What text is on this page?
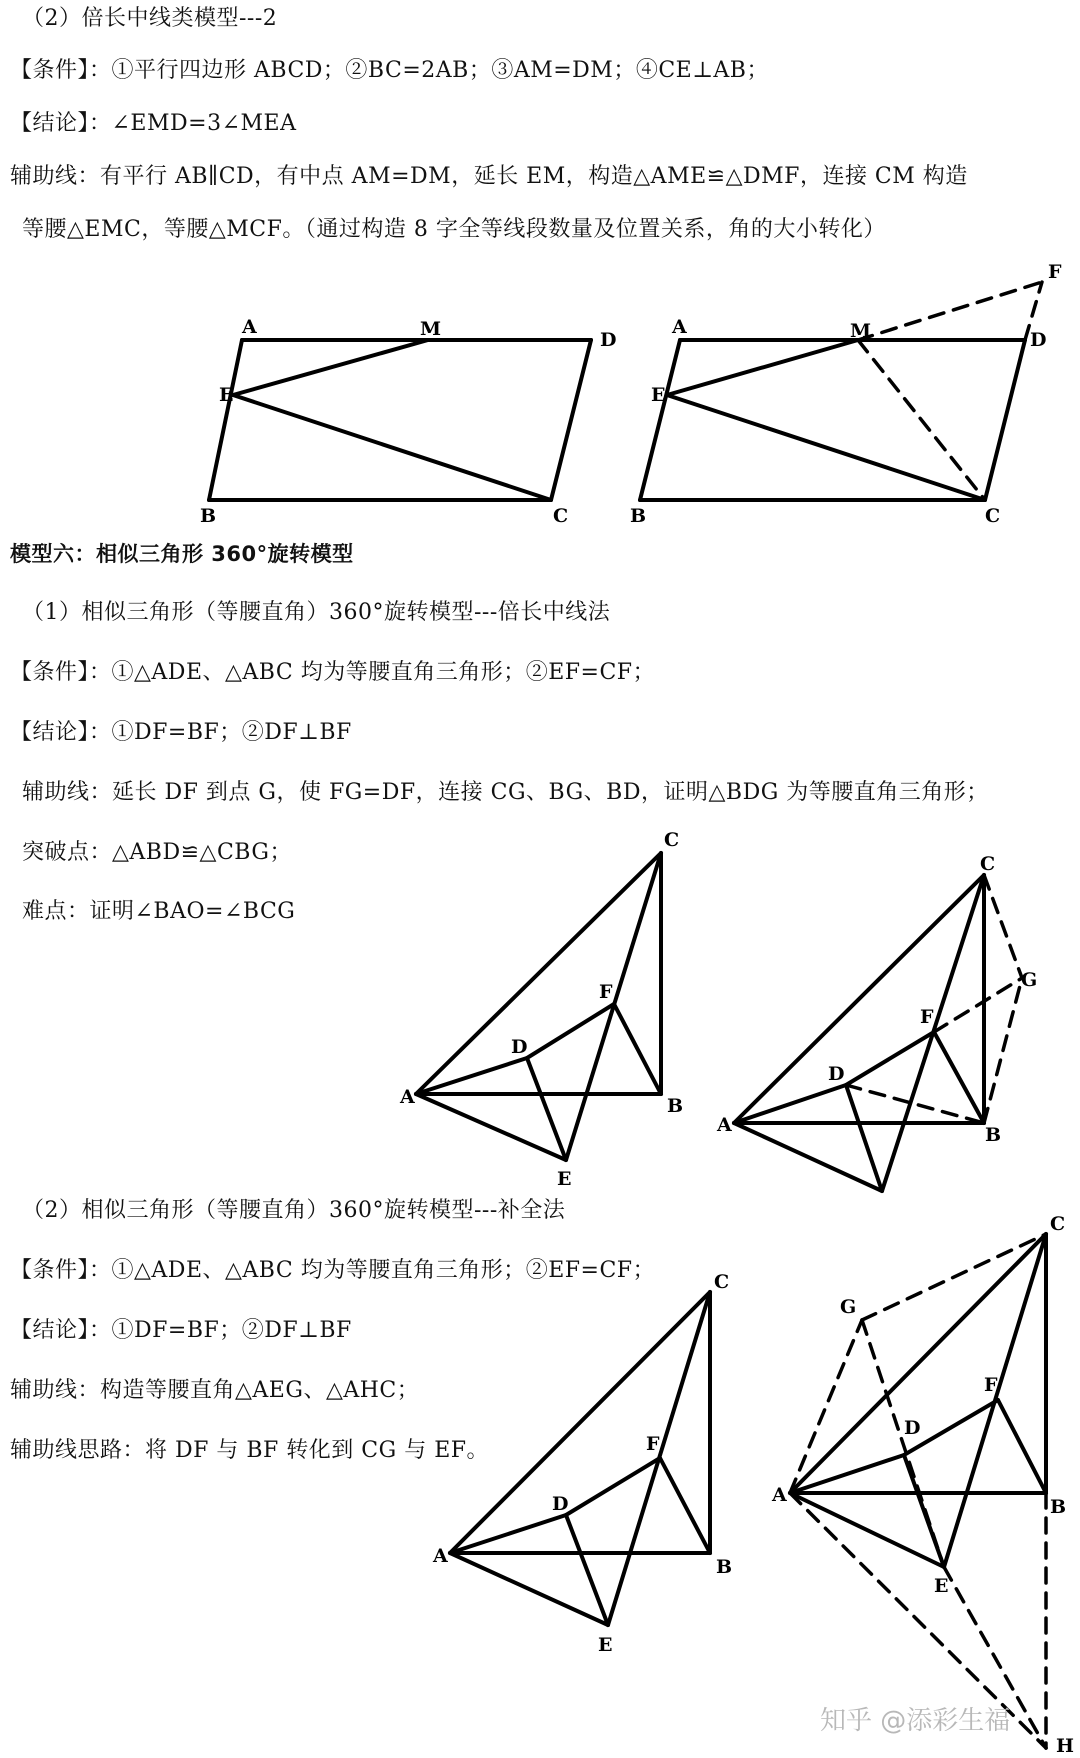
（2）倍长中线类模型---2
【条件】：①平行四边形 ABCD；②BC=2AB；③AM=DM；④CE⊥AB；
【结论】：∠EMD=3∠MEA
辅助线：有平行 AB∥CD，有中点 AM=DM，延长 EM，构造△AME≌△DMF，连接 CM 构造
等腰△EMC，等腰△MCF。（通过构造 8 字全等线段数量及位置关系，角的大小转化）
A	M	D
E
B	C
A	M	D
E
B	C
F
模型六：相似三角形 360°旋转模型
（1）相似三角形（等腰直角）360°旋转模型---倍长中线法
【条件】：①△ADE、△ABC 均为等腰直角三角形；②EF=CF；
【结论】：①DF=BF；②DF⊥BF
辅助线：延长 DF 到点 G，使 FG=DF，连接 CG、BG、BD，证明△BDG 为等腰直角三角形；
突破点：△ABD≌△CBG；
难点：证明∠BAO=∠BCG
C
F
D
A	B
E
C
G
F
D
A	B
（2）相似三角形（等腰直角）360°旋转模型---补全法
【条件】：①△ADE、△ABC 均为等腰直角三角形；②EF=CF；
【结论】：①DF=BF；②DF⊥BF
辅助线：构造等腰直角△AEG、△AHC；
辅助线思路：将 DF 与 BF 转化到 CG 与 EF。
C
F
D
A	B
E
C
G
F
D
A
B
E
H
知乎 @添彩生福
